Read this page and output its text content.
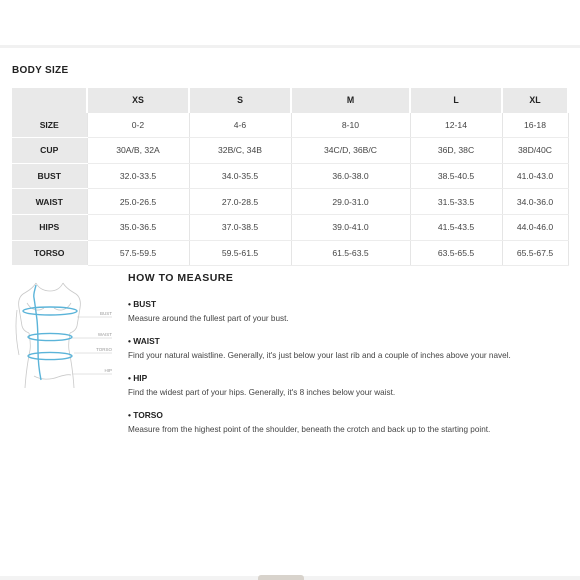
BODY SIZE
	XS	S	M	L	XL
SIZE	0-2	4-6	8-10	12-14	16-18
CUP	30A/B, 32A	32B/C, 34B	34C/D, 36B/C	36D, 38C	38D/40C
BUST	32.0-33.5	34.0-35.5	36.0-38.0	38.5-40.5	41.0-43.0
WAIST	25.0-26.5	27.0-28.5	29.0-31.0	31.5-33.5	34.0-36.0
HIPS	35.0-36.5	37.0-38.5	39.0-41.0	41.5-43.5	44.0-46.0
TORSO	57.5-59.5	59.5-61.5	61.5-63.5	63.5-65.5	65.5-67.5
BUST
WAIST
TORSO
HIP
HOW TO MEASURE
• BUST
Measure around the fullest part of your bust.
• WAIST
Find your natural waistline. Generally, it's just below your last rib and a couple of inches above your navel.
• HIP
Find the widest part of your hips. Generally, it's 8 inches below your waist.
• TORSO
Measure from the highest point of the shoulder, beneath the crotch and back up to the starting point.
